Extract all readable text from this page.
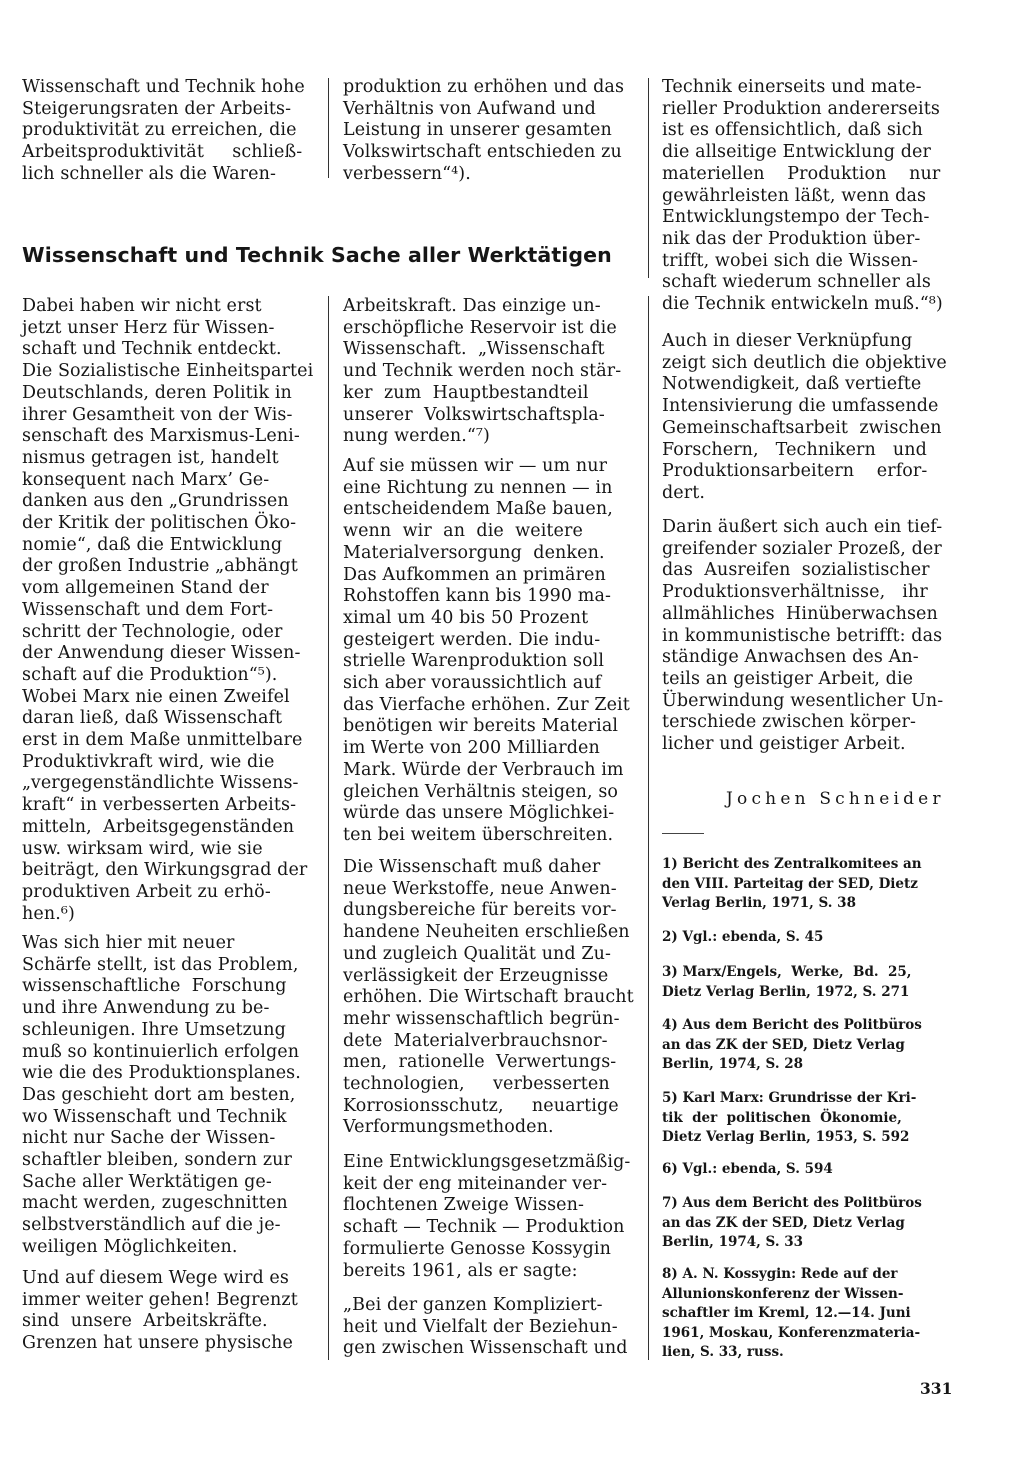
Wissenschaft und Technik hohe
Steigerungsraten der Arbeits-
produktivität zu erreichen, die
Arbeitsproduktivität     schließ-
lich schneller als die Waren-

produktion zu erhöhen und das
Verhältnis von Aufwand und
Leistung in unserer gesamten
Volkswirtschaft entschieden zu
verbessern“⁴).

Wissenschaft und Technik Sache aller Werktätigen

Dabei haben wir nicht erst
jetzt unser Herz für Wissen-
schaft und Technik entdeckt.
Die Sozialistische Einheitspartei
Deutschlands, deren Politik in
ihrer Gesamtheit von der Wis-
senschaft des Marxismus-Leni-
nismus getragen ist, handelt
konsequent nach Marx’ Ge-
danken aus den „Grundrissen
der Kritik der politischen Öko-
nomie“, daß die Entwicklung
der großen Industrie „abhängt
vom allgemeinen Stand der
Wissenschaft und dem Fort-
schritt der Technologie, oder
der Anwendung dieser Wissen-
schaft auf die Produktion“⁵).
Wobei Marx nie einen Zweifel
daran ließ, daß Wissenschaft
erst in dem Maße unmittelbare
Produktivkraft wird, wie die
„vergegenständlichte Wissens-
kraft“ in verbesserten Arbeits-
mitteln,  Arbeitsgegenständen
usw. wirksam wird, wie sie
beiträgt, den Wirkungsgrad der
produktiven Arbeit zu erhö-
hen.⁶)

Was sich hier mit neuer
Schärfe stellt, ist das Problem,
wissenschaftliche  Forschung
und ihre Anwendung zu be-
schleunigen. Ihre Umsetzung
muß so kontinuierlich erfolgen
wie die des Produktionsplanes.
Das geschieht dort am besten,
wo Wissenschaft und Technik
nicht nur Sache der Wissen-
schaftler bleiben, sondern zur
Sache aller Werktätigen ge-
macht werden, zugeschnitten
selbstverständlich auf die je-
weiligen Möglichkeiten.

Und auf diesem Wege wird es
immer weiter gehen! Begrenzt
sind  unsere  Arbeitskräfte.
Grenzen hat unsere physische

Arbeitskraft. Das einzige un-
erschöpfliche Reservoir ist die
Wissenschaft.  „Wissenschaft
und Technik werden noch stär-
ker  zum  Hauptbestandteil
unserer  Volkswirtschaftspla-
nung werden.“⁷)

Auf sie müssen wir — um nur
eine Richtung zu nennen — in
entscheidendem Maße bauen,
wenn  wir  an  die  weitere
Materialversorgung  denken.
Das Aufkommen an primären
Rohstoffen kann bis 1990 ma-
ximal um 40 bis 50 Prozent
gesteigert werden. Die indu-
strielle Warenproduktion soll
sich aber voraussichtlich auf
das Vierfache erhöhen. Zur Zeit
benötigen wir bereits Material
im Werte von 200 Milliarden
Mark. Würde der Verbrauch im
gleichen Verhältnis steigen, so
würde das unsere Möglichkei-
ten bei weitem überschreiten.

Die Wissenschaft muß daher
neue Werkstoffe, neue Anwen-
dungsbereiche für bereits vor-
handene Neuheiten erschließen
und zugleich Qualität und Zu-
verlässigkeit der Erzeugnisse
erhöhen. Die Wirtschaft braucht
mehr wissenschaftlich begrün-
dete  Materialverbrauchsnor-
men,  rationelle  Verwertungs-
technologien,     verbesserten
Korrosionsschutz,     neuartige
Verformungsmethoden.

Eine Entwicklungsgesetzmäßig-
keit der eng miteinander ver-
flochtenen Zweige Wissen-
schaft — Technik — Produktion
formulierte Genosse Kossygin
bereits 1961, als er sagte:

„Bei der ganzen Kompliziert-
heit und Vielfalt der Beziehun-
gen zwischen Wissenschaft und

Technik einerseits und mate-
rieller Produktion andererseits
ist es offensichtlich, daß sich
die allseitige Entwicklung der
materiellen    Produktion    nur
gewährleisten läßt, wenn das
Entwicklungstempo der Tech-
nik das der Produktion über-
trifft, wobei sich die Wissen-
schaft wiederum schneller als
die Technik entwickeln muß.“⁸)

Auch in dieser Verknüpfung
zeigt sich deutlich die objektive
Notwendigkeit, daß vertiefte
Intensivierung die umfassende
Gemeinschaftsarbeit  zwischen
Forschern,   Technikern   und
Produktionsarbeitern    erfor-
dert.

Darin äußert sich auch ein tief-
greifender sozialer Prozeß, der
das  Ausreifen  sozialistischer
Produktionsverhältnisse,   ihr
allmähliches  Hinüberwachsen
in kommunistische betrifft: das
ständige Anwachsen des An-
teils an geistiger Arbeit, die
Überwindung wesentlicher Un-
terschiede zwischen körper-
licher und geistiger Arbeit.

Jochen Schneider

1) Bericht des Zentralkomitees an
den VIII. Parteitag der SED, Dietz
Verlag Berlin, 1971, S. 38

2) Vgl.: ebenda, S. 45

3) Marx/Engels,  Werke,  Bd.  25,
Dietz Verlag Berlin, 1972, S. 271

4) Aus dem Bericht des Politbüros
an das ZK der SED, Dietz Verlag
Berlin, 1974, S. 28

5) Karl Marx: Grundrisse der Kri-
tik  der  politischen  Ökonomie,
Dietz Verlag Berlin, 1953, S. 592

6) Vgl.: ebenda, S. 594

7) Aus dem Bericht des Politbüros
an das ZK der SED, Dietz Verlag
Berlin, 1974, S. 33

8) A. N. Kossygin: Rede auf der
Allunionskonferenz der Wissen-
schaftler im Kreml, 12.—14. Juni
1961, Moskau, Konferenzmateria-
lien, S. 33, russ.

331
